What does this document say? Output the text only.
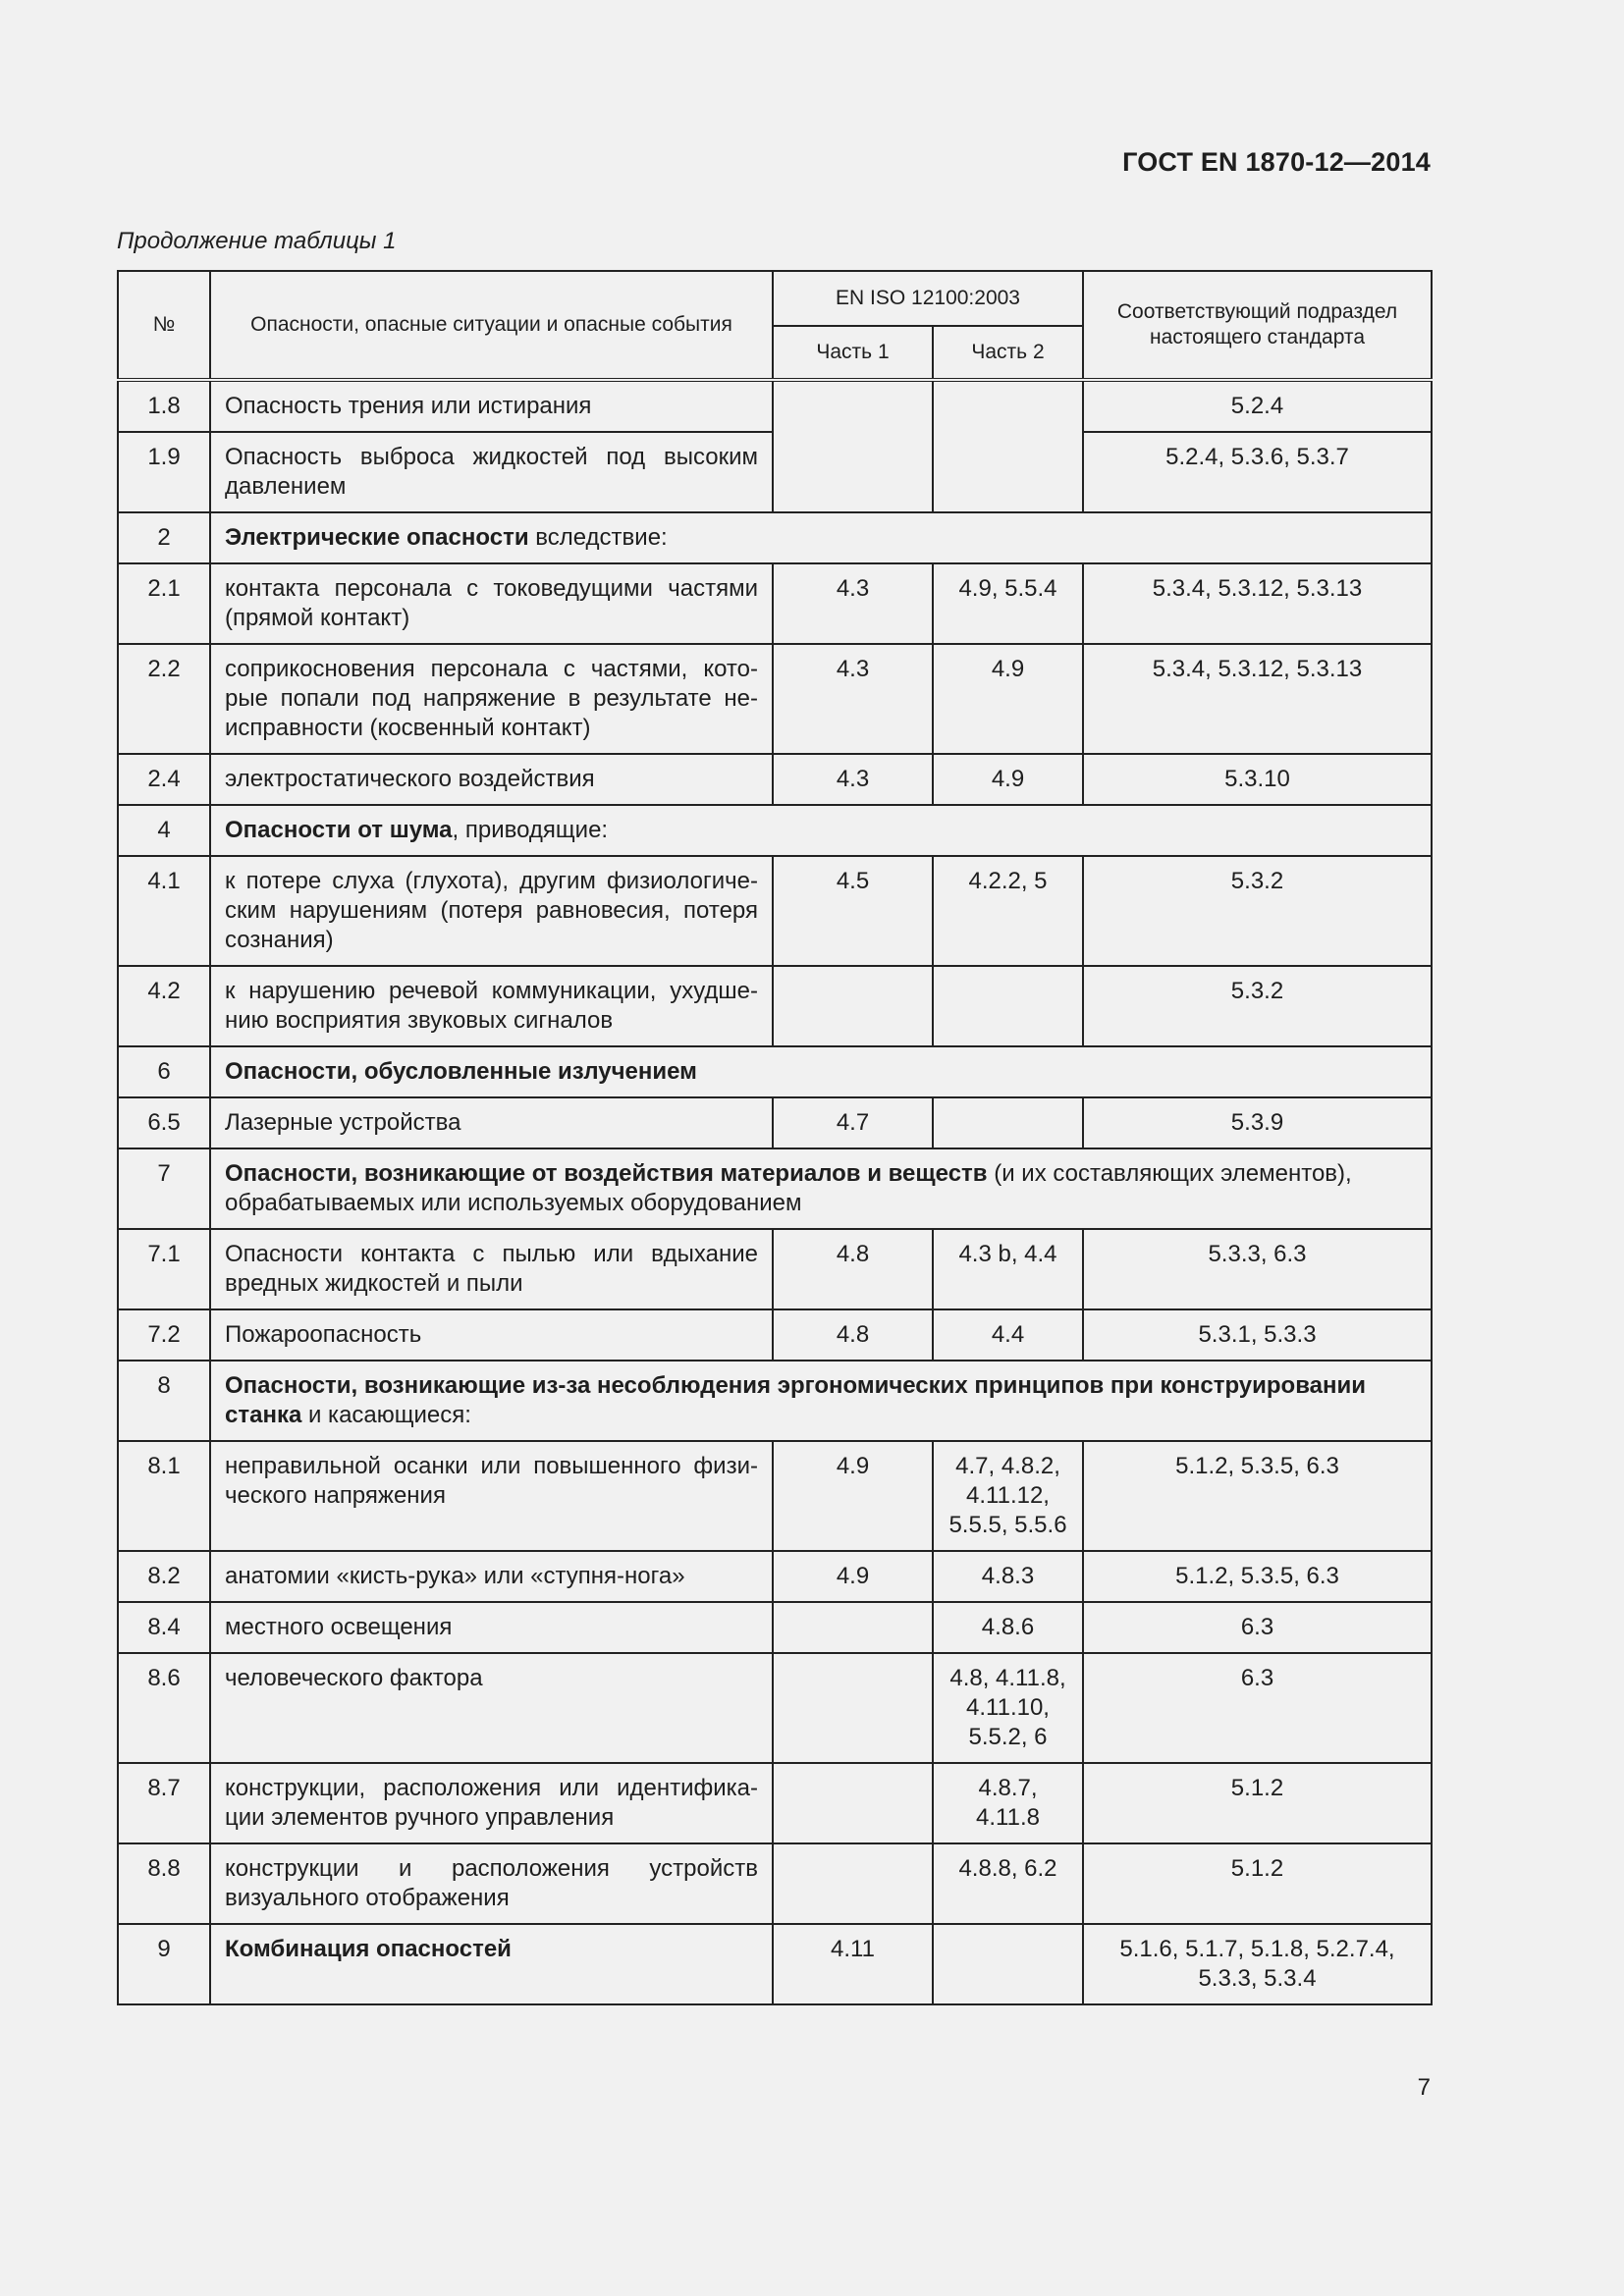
ГОСТ EN 1870-12—2014
Продолжение таблицы 1
№	Опасности, опасные ситуации и опасные события	EN ISO 12100:2003		Соответствующий подраздел настоящего стандарта
		Часть 1	Часть 2	
1.8	Опасность трения или истирания			5.2.4
1.9	Опасность выброса жидкостей под высоким давлением			5.2.4, 5.3.6, 5.3.7
2	Электрические опасности вследствие:			
2.1	контакта персонала с токоведущими частями (прямой контакт)	4.3	4.9, 5.5.4	5.3.4, 5.3.12, 5.3.13
2.2	соприкосновения персонала с частями, кото-рые попали под напряжение в результате не-исправности (косвенный контакт)	4.3	4.9	5.3.4, 5.3.12, 5.3.13
2.4	электростатического воздействия	4.3	4.9	5.3.10
4	Опасности от шума, приводящие:			
4.1	к потере слуха (глухота), другим физиологиче-ским нарушениям (потеря равновесия, потеря сознания)	4.5	4.2.2, 5	5.3.2
4.2	к нарушению речевой коммуникации, ухудше-нию восприятия звуковых сигналов			5.3.2
6	Опасности, обусловленные излучением			
6.5	Лазерные устройства	4.7		5.3.9
7	Опасности, возникающие от воздействия материалов и веществ (и их составляющих элементов), обрабатываемых или используемых оборудованием			
7.1	Опасности контакта с пылью или вдыхание вредных жидкостей и пыли	4.8	4.3 b, 4.4	5.3.3, 6.3
7.2	Пожароопасность	4.8	4.4	5.3.1, 5.3.3
8	Опасности, возникающие из-за несоблюдения эргономических принципов при конструировании станка и касающиеся:			
8.1	неправильной осанки или повышенного физи-ческого напряжения	4.9	4.7, 4.8.2, 4.11.12, 5.5.5, 5.5.6	5.1.2, 5.3.5, 6.3
8.2	анатомии «кисть-рука» или «ступня-нога»	4.9	4.8.3	5.1.2, 5.3.5, 6.3
8.4	местного освещения		4.8.6	6.3
8.6	человеческого фактора		4.8, 4.11.8, 4.11.10, 5.5.2, 6	6.3
8.7	конструкции, расположения или идентифика-ции элементов ручного управления		4.8.7, 4.11.8	5.1.2
8.8	конструкции и расположения устройств визуального отображения		4.8.8, 6.2	5.1.2
9	Комбинация опасностей	4.11		5.1.6, 5.1.7, 5.1.8, 5.2.7.4, 5.3.3, 5.3.4
7
